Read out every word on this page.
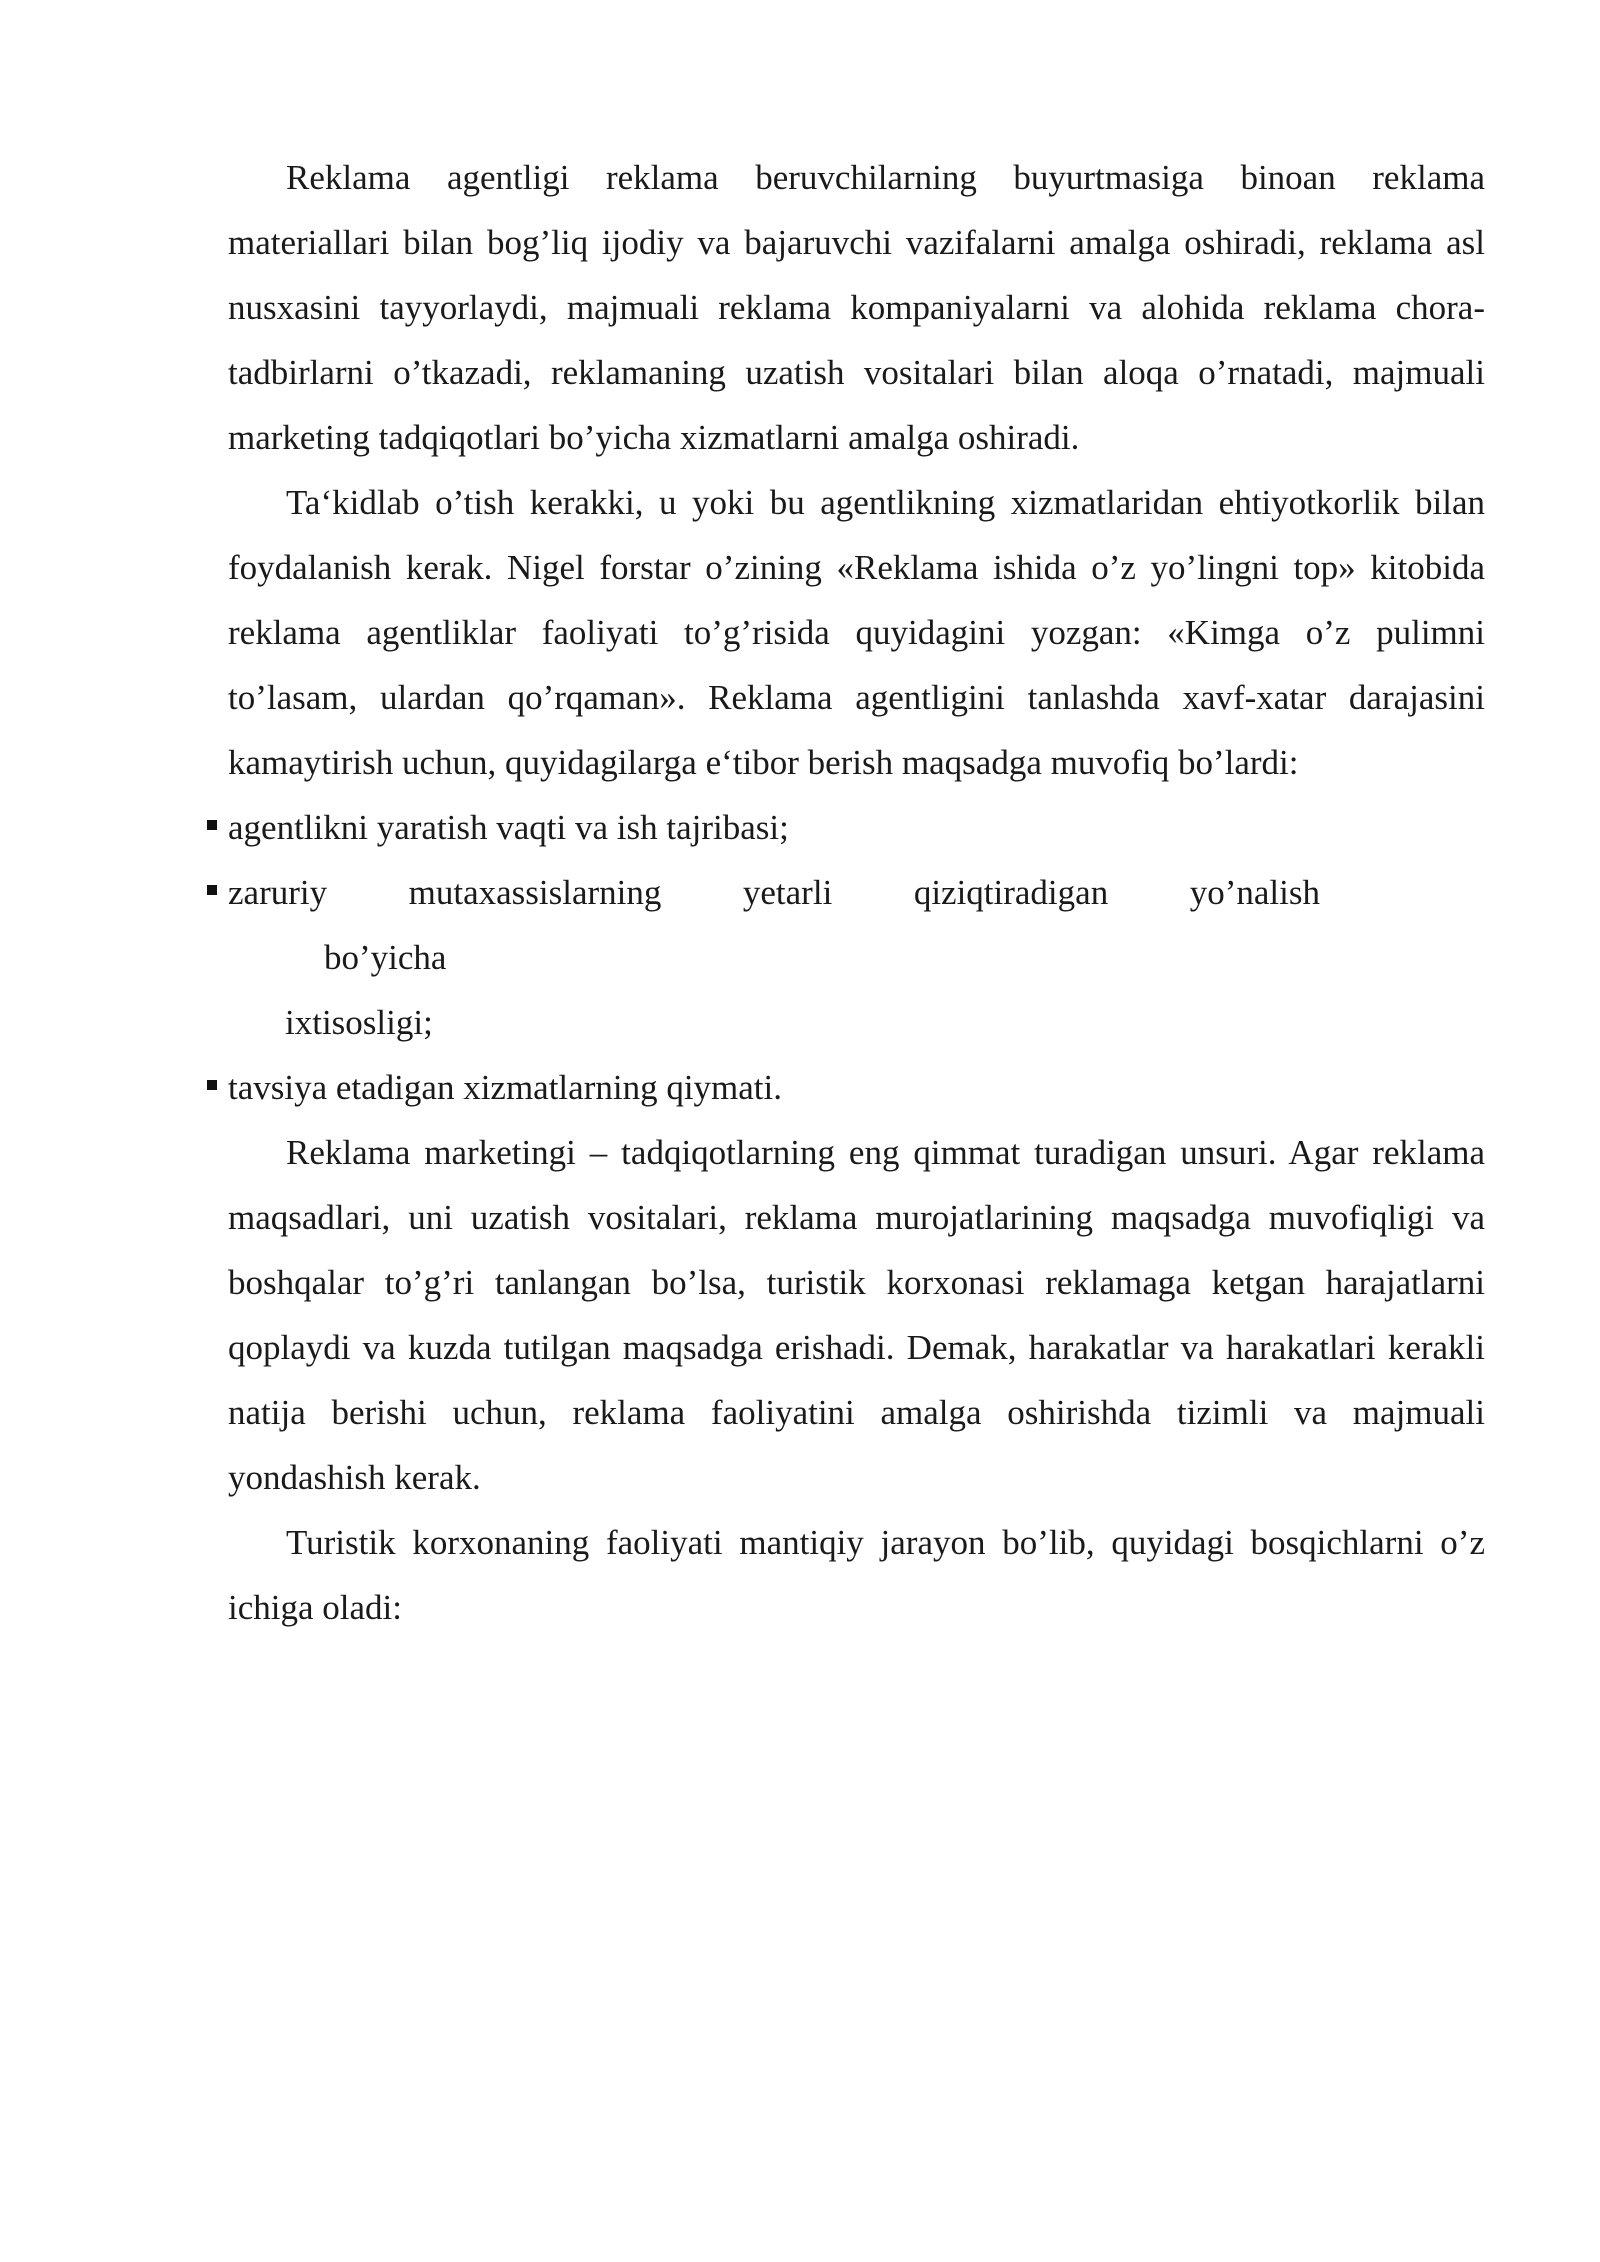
Reklama agentligi reklama beruvchilarning buyurtmasiga binoan reklama materiallari bilan bog’liq ijodiy va bajaruvchi vazifalarni amalga oshiradi, reklama asl nusxasini tayyorlaydi, majmuali reklama kompaniyalarni va alohida reklama chora-tadbirlarni o’tkazadi, reklamaning uzatish vositalari bilan aloqa o’rnatadi, majmuali marketing tadqiqotlari bo’yicha xizmatlarni amalga oshiradi.

Ta‘kidlab o’tish kerakki, u yoki bu agentlikning xizmatlaridan ehtiyotkorlik bilan foydalanish kerak. Nigel forstar o’zining «Reklama ishida o’z yo’lingni top» kitobida reklama agentliklar faoliyati to’g’risida quyidagini yozgan: «Kimga o’z pulimni to’lasam, ulardan qo’rqaman». Reklama agentligini tanlashda xavf-xatar darajasini kamaytirish uchun, quyidagilarga e‘tibor berish maqsadga muvofiq bo’lardi:

agentlikni yaratish vaqti va ish tajribasi;
zaruriy mutaxassislarning yetarli qiziqtiradigan yo’nalish
bo’yicha
ixtisosligi;
tavsiya etadigan xizmatlarning qiymati.

Reklama marketingi – tadqiqotlarning eng qimmat turadigan unsuri. Agar reklama maqsadlari, uni uzatish vositalari, reklama murojatlarining maqsadga muvofiqligi va boshqalar to’g’ri tanlangan bo’lsa, turistik korxonasi reklamaga ketgan harajatlarni qoplaydi va kuzda tutilgan maqsadga erishadi. Demak, harakatlar va harakatlari kerakli natija berishi uchun, reklama faoliyatini amalga oshirishda tizimli va majmuali yondashish kerak.

Turistik korxonaning faoliyati mantiqiy jarayon bo’lib, quyidagi bosqichlarni o’z ichiga oladi:
